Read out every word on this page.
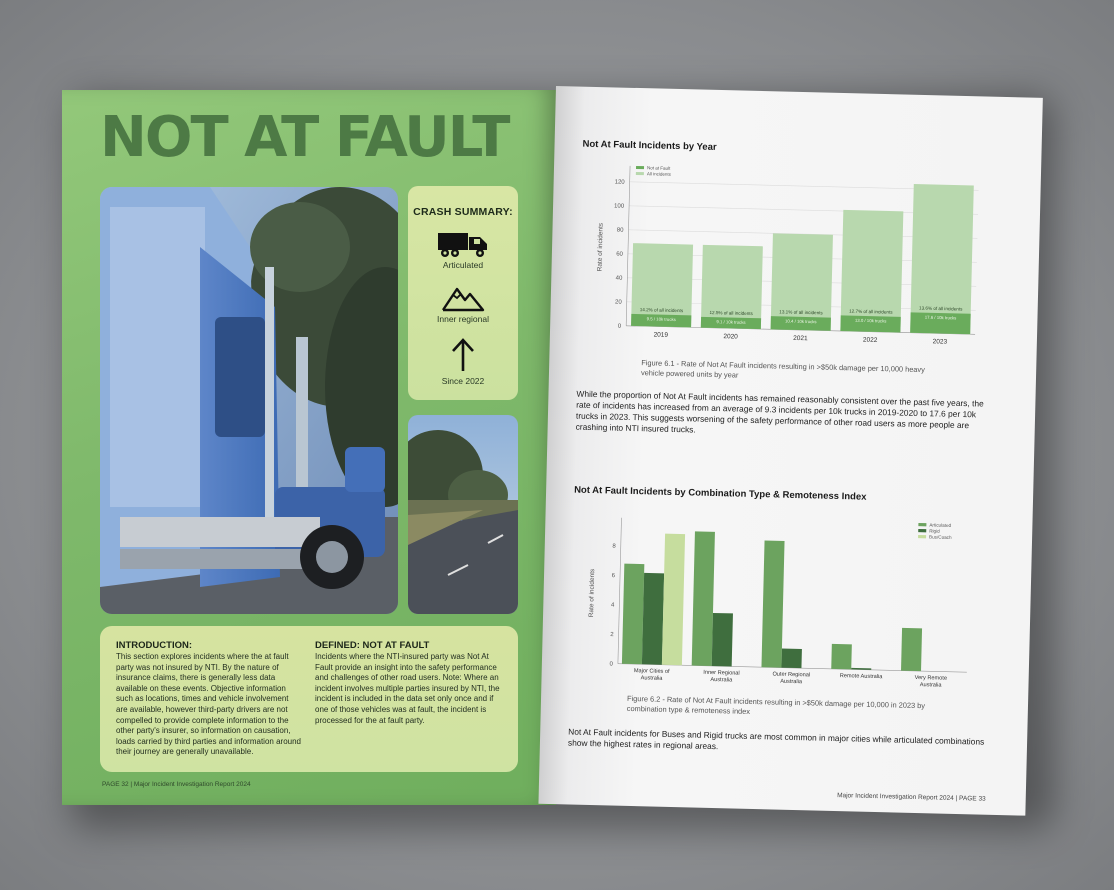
NOT AT FAULT
CRASH SUMMARY:
Articulated
Inner regional
Since 2022

INTRODUCTION:

This section explores incidents where the at fault party was not insured by NTI. By the nature of insurance claims, there is generally less data available on these events. Objective information such as locations, times and vehicle involvement are available, however third-party drivers are not compelled to provide complete information to the other party's insurer, so information on causation, loads carried by third parties and information around their journey are generally unavailable.

DEFINED: NOT AT FAULT

Incidents where the NTI-insured party was Not At Fault provide an insight into the safety performance and challenges of other road users. Note: Where an incident involves multiple parties insured by NTI, the incident is included in the data set only once and if one of those vehicles was at fault, the incident is processed for the at fault party.

PAGE 32 | Major Incident Investigation Report 2024
Not At Fault Incidents by Year
0
20
40
60
80
100
120
Rate of incidents
14.2% of all incidents
9.5 / 10k trucks
2019
12.5% of all incidents
9.1 / 10k trucks
2020
13.1% of all incidents
10.4 / 10k trucks
2021
12.7% of all incidents
13.0 / 10k trucks
2022
13.6% of all incidents
17.6 / 10k trucks
2023
Not at Fault
All incidents
Figure 6.1 - Rate of Not At Fault incidents resulting in >$50k damage per 10,000 heavy vehicle powered units by year
While the proportion of Not At Fault incidents has remained reasonably consistent over the past five years, the rate of incidents has increased from an average of 9.3 incidents per 10k trucks in 2019-2020 to 17.6 per 10k trucks in 2023. This suggests worsening of the safety performance of other road users as more people are crashing into NTI insured trucks.
Not At Fault Incidents by Combination Type & Remoteness Index
0
2
4
6
8
Rate of incidents
Major Cities of
Australia
Inner Regional
Australia
Outer Regional
Australia
Remote Australia	Very Remote
Australia
Articulated
Rigid
Bus/Coach
Figure 6.2 - Rate of Not At Fault incidents resulting in >$50k damage per 10,000 in 2023 by combination type & remoteness index
Not At Fault incidents for Buses and Rigid trucks are most common in major cities while articulated combinations show the highest rates in regional areas.
Major Incident Investigation Report 2024 | PAGE 33
